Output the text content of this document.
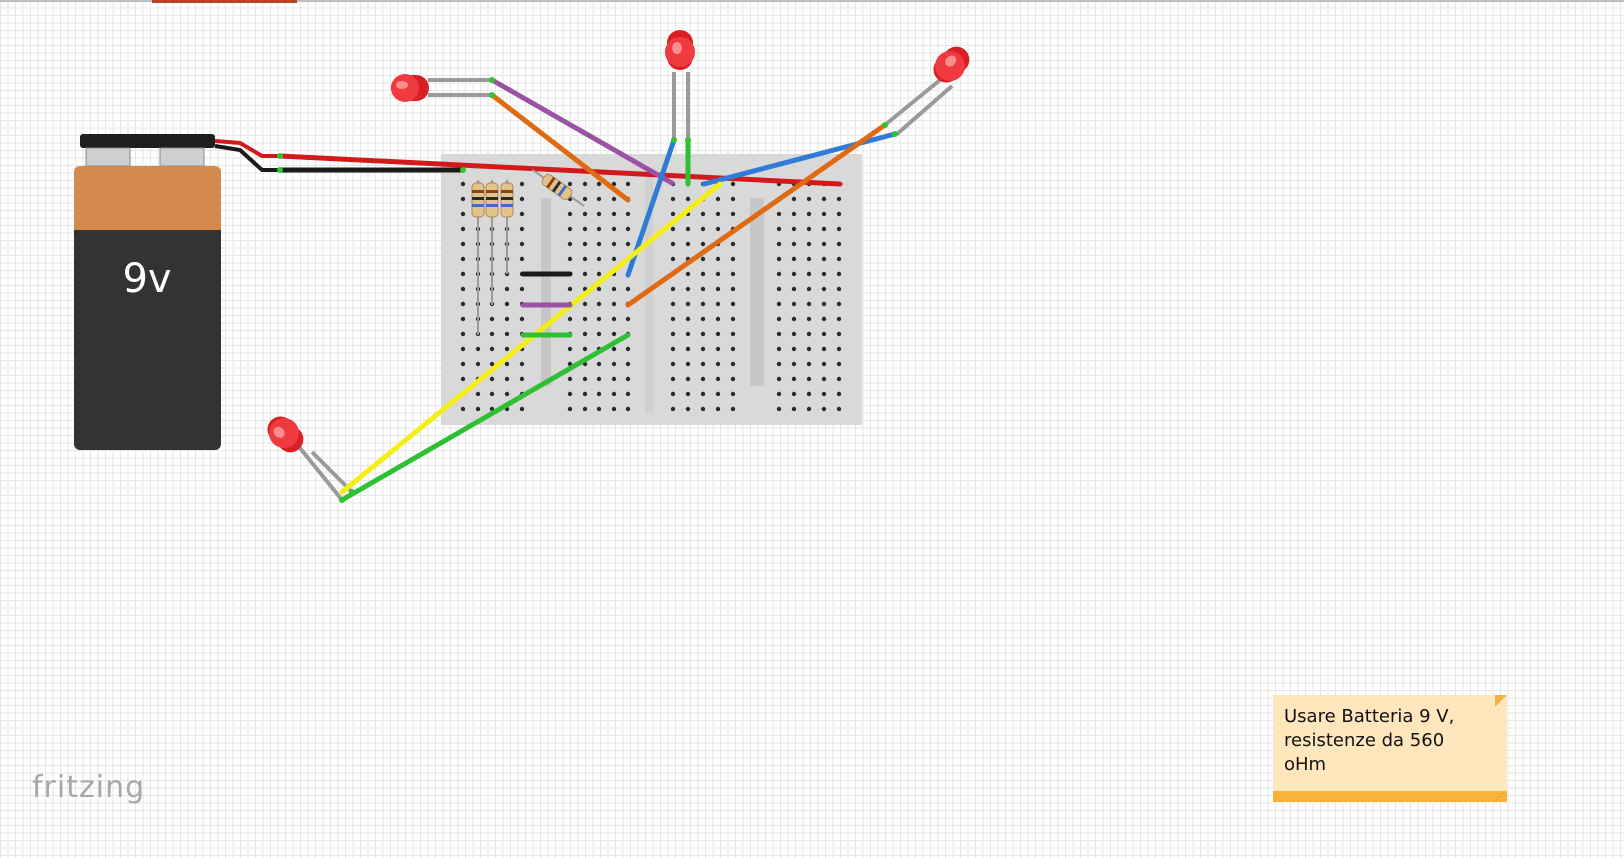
9v
fritzing
Usare Batteria 9 V,
resistenze da 560
oHm
⋰
